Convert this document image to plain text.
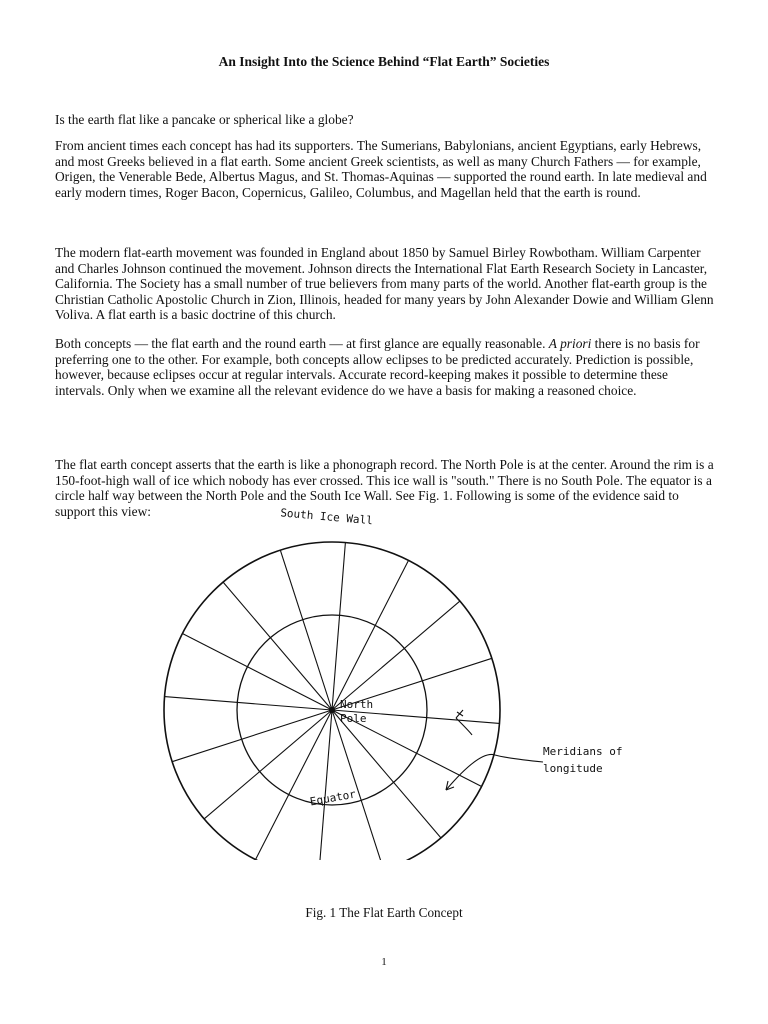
An Insight Into the Science Behind “Flat Earth” Societies

Is the earth flat like a pancake or spherical like a globe?

From ancient times each concept has had its supporters. The Sumerians, Babylonians, ancient Egyptians, early Hebrews, and most Greeks believed in a flat earth. Some ancient Greek scientists, as well as many Church Fathers — for example, Origen, the Venerable Bede, Albertus Magus, and St. Thomas-Aquinas — supported the round earth. In late medieval and early modern times, Roger Bacon, Copernicus, Galileo, Columbus, and Magellan held that the earth is round.

The modern flat-earth movement was founded in England about 1850 by Samuel Birley Rowbotham. William Carpenter and Charles Johnson continued the movement. Johnson directs the International Flat Earth Research Society in Lancaster, California. The Society has a small number of true believers from many parts of the world. Another flat-earth group is the Christian Catholic Apostolic Church in Zion, Illinois, headed for many years by John Alexander Dowie and William Glenn Voliva. A flat earth is a basic doctrine of this church.

Both concepts — the flat earth and the round earth — at first glance are equally reasonable. A priori there is no basis for preferring one to the other. For example, both concepts allow eclipses to be predicted accurately. Prediction is possible, however, because eclipses occur at regular intervals. Accurate record-keeping makes it possible to determine these intervals. Only when we examine all the relevant evidence do we have a basis for making a reasoned choice.

The flat earth concept asserts that the earth is like a phonograph record. The North Pole is at the center. Around the rim is a 150-foot-high wall of ice which nobody has ever crossed. This ice wall is "south." There is no South Pole. The equator is a circle half way between the North Pole and the South Ice Wall. See Fig. 1. Following is some of the evidence said to support this view:	South Ice Wall
North
Pole
Equator
Meridians of
longitude
Fig. 1 The Flat Earth Concept
1
